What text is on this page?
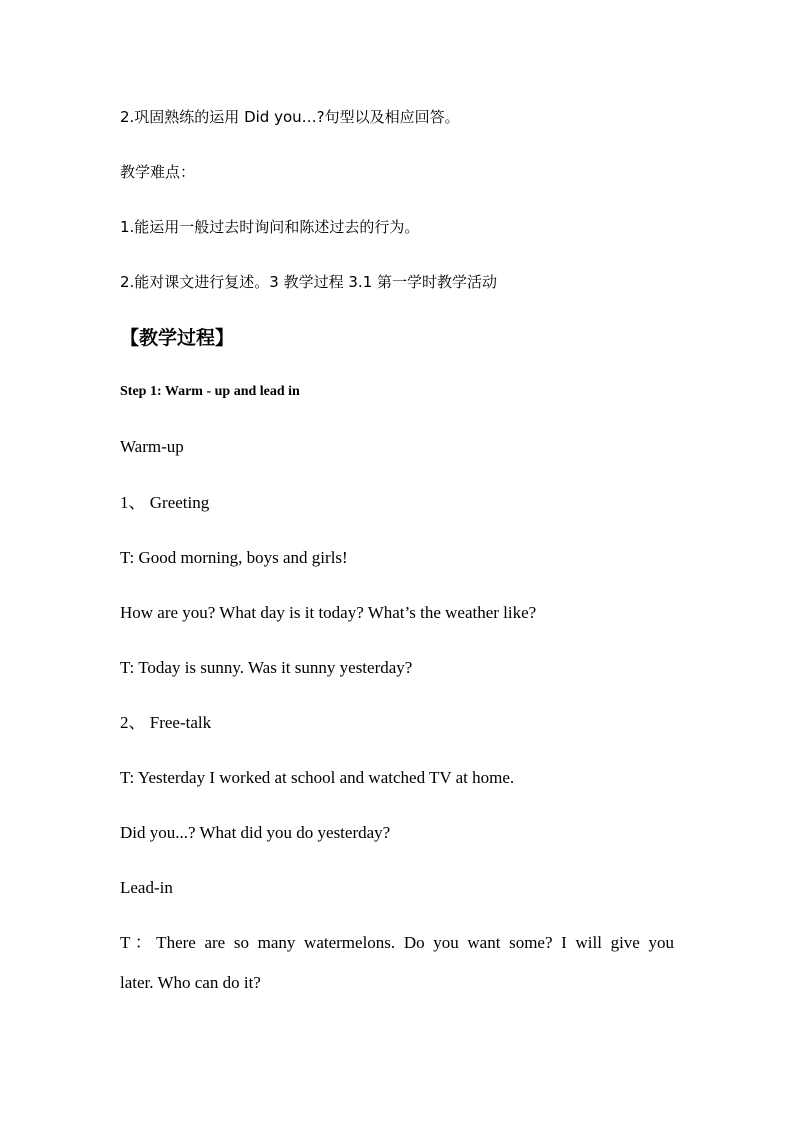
2.巩固熟练的运用 Did you…?句型以及相应回答。
教学难点：
1.能运用一般过去时询问和陈述过去的行为。
2.能对课文进行复述。3 教学过程 3.1 第一学时教学活动
【教学过程】
Step 1: Warm - up and lead in
Warm-up
1、 Greeting
T: Good morning, boys and girls!
How are you? What day is it today? What’s the weather like?
T: Today is sunny. Was it sunny yesterday?
2、 Free-talk
T: Yesterday I worked at school and watched TV at home.
Did you...? What did you do yesterday?
Lead-in
T：There are so many watermelons. Do you want some? I will give you
later. Who can do it?
